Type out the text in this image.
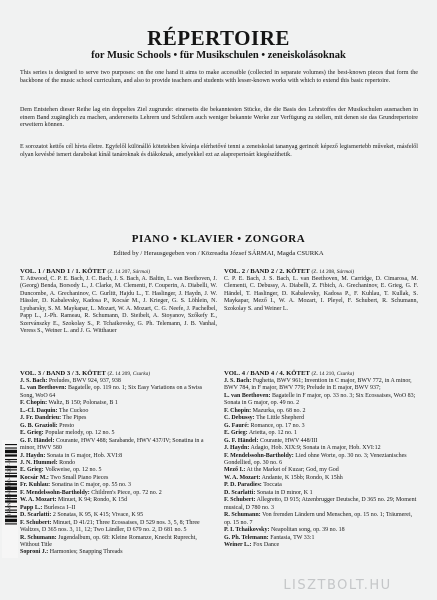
RÉPERTOIRE
for Music Schools • für Musikschulen • zeneiskolásoknak

This series is designed to serve two purposes: on the one hand it aims to make accessible (collected in separate volumes) the best-known pieces that form the backbone of the music school curriculum, and also to provide teachers and students with lesser-known works with which to extend this basic repertoire.

Dem Entstehen dieser Reihe lag ein doppeltes Ziel zugrunde: einerseits die bekanntesten Stücke, die die Basis des Lehrstoffes der Musikschulen ausmachen in einem Band zugänglich zu machen, andererseits Lehrern und Schülern auch weniger bekannte Werke zur Verfügung zu stellen, mit denen sie das Grundrepertoire erweitern können.

E sorozatot kettős cél hívta életre. Egyfelől különálló kötetekben kívánja elérhetővé tenni a zeneiskolai tananyag gerincét képező legismertebb műveket, másfelől olyan kevésbé ismert darabokat kínál tanároknak és diákoknak, amelyekkel ezt az alaprepertoárt kiegészíthetik.

PIANO • KLAVIER • ZONGORA
Edited by / Herausgegeben von / Közreadta József SÁRMAI, Magda CSURKA
VOL. 1 / BAND 1 / 1. KÖTET (Z. 14 207, Sármai)
T. Attwood, C. P. E. Bach, J. C. Bach, J. S. Bach, A. Baltin, L. van Beethoven, J. (Georg) Benda, Borsody L., J. Clarke, M. Clementi, F. Couperin, A. Diabelli, W. Duncombe, A. Grechaninov, C. Gurlitt, Hajdu L., T. Haslinger, J. Haydn, J. W. Hässler, D. Kabalevsky, Kadosa P., Kocsár M., J. Krieger, G. S. Löhlein, N. Lyubarsky, S. M. Maykapar, L. Mozart, W. A. Mozart, C. G. Neefe, J. Pachelbel, Papp L., J.-Ph. Rameau, R. Schumann, D. Steibelt, A. Stoyanov, Szőkefy E., Szervánszky E., Szokolay S., P. Tchaikovsky, G. Ph. Telemann, J. B. Vanhal, Veress S., Weiner L. and J. G. Witthauer
VOL. 2 / BAND 2 / 2. KÖTET (Z. 14 208, Sármai)
C. P. E. Bach, J. S. Bach, L. van Beethoven, M. Carridge, D. Cimarosa, M. Clementi, C. Debussy, A. Diabelli, Z. Fibich, A. Grechaninov, E. Grieg, G. F. Händel, T. Haslinger, D. Kabalevsky, Kadosa P., F. Kuhlau, T. Kullak, S. Maykapar, Mező I., W. A. Mozart, I. Pleyel, F. Schubert, R. Schumann, Szokolay S. and Weiner L.
VOL. 3 / BAND 3 / 3. KÖTET (Z. 14 209, Csurka)
J. S. Bach: Preludes, BWV 924, 937, 938
L. van Beethoven: Bagatelle, op. 119 no. 1; Six Easy Variations on a Swiss Song, WoO 64
F. Chopin: Waltz, B 150; Polonaise, B 1
L.-Cl. Daquin: The Cuckoo
J. Fr. Dandrieu: The Pipes
G. B. Grazioli: Presto
E. Grieg: Popular melody, op. 12 no. 5
G. F. Händel: Courante, HWV 488; Sarabande, HWV 437/IV; Sonatina in a minor, HWV 580
J. Haydn: Sonata in G major, Hob. XVI:8
J. N. Hummel: Rondo
E. Grieg: Volkweise, op. 12 no. 5
Kocsár M.: Two Small Piano Pieces
Fr. Kuhlau: Sonatina in C major, op. 55 no. 3
F. Mendelssohn-Bartholdy: Children's Piece, op. 72 no. 2
W. A. Mozart: Minuet, K 94; Rondo, K 15d
Papp L.: Burlesca I–II
D. Scarlatti: 2 Sonatas, K 95, K 415; Vivace, K 95
F. Schubert: Minuet, D 41/21; Three Ecossaises, D 529 nos. 3, 5, 8; Three Waltzes, D 365 nos. 3, 11, 12; Two Ländler, D 679 no. 2, D 681 no. 5
R. Schumann: Jugendalbum, op. 68: Kleine Romanze, Knecht Ruprecht, Without Title
Soproni J.: Harmonies; Snapping Threads
VOL. 4 / BAND 4 / 4. KÖTET (Z. 14 210, Csurka)
J. S. Bach: Fughetta, BWV 961; Invention in C major, BWV 772, in A minor, BWV 784, in F major, BWV 779; Prelude in E major, BWV 937;
L. van Beethoven: Bagatelle in F major, op. 33 no. 3; Six Ecossaises, WoO 83; Sonata in G major, op. 49 no. 2
F. Chopin: Mazurka, op. 68 no. 2
C. Debussy: The Little Shepherd
G. Fauré: Romance, op. 17 no. 3
E. Grieg: Arietta, op. 12 no. 1
G. F. Händel: Courante, HWV 448/III
J. Haydn: Adagio, Hob. XIX:9; Sonata in A major, Hob. XVI:12
F. Mendelssohn-Bartholdy: Lied ohne Worte, op. 30 no. 3; Venezianisches Gondellied, op. 30 no. 6
Mező I.: At the Market of Kuzar; God, my God
W. A. Mozart: Andante, K 15bb; Rondo, K 15hh
P. D. Paradies: Toccata
D. Scarlatti: Sonata in D minor, K 1
F. Schubert: Allegretto, D 915; Atzenbrugger Deutsche, D 365 no. 29; Moment musical, D 780 no. 3
R. Schumann: Von fremden Ländern und Menschen, op. 15 no. 1; Träumerei, op. 15 no. 7
P. I. Tchaikovsky: Neapolitan song, op. 39 no. 18
G. Ph. Telemann: Fantasia, TW 33:1
Weiner L.: Fox Dance
ISMN 979-0-080-14207-0
LISZTBOLT.HU
